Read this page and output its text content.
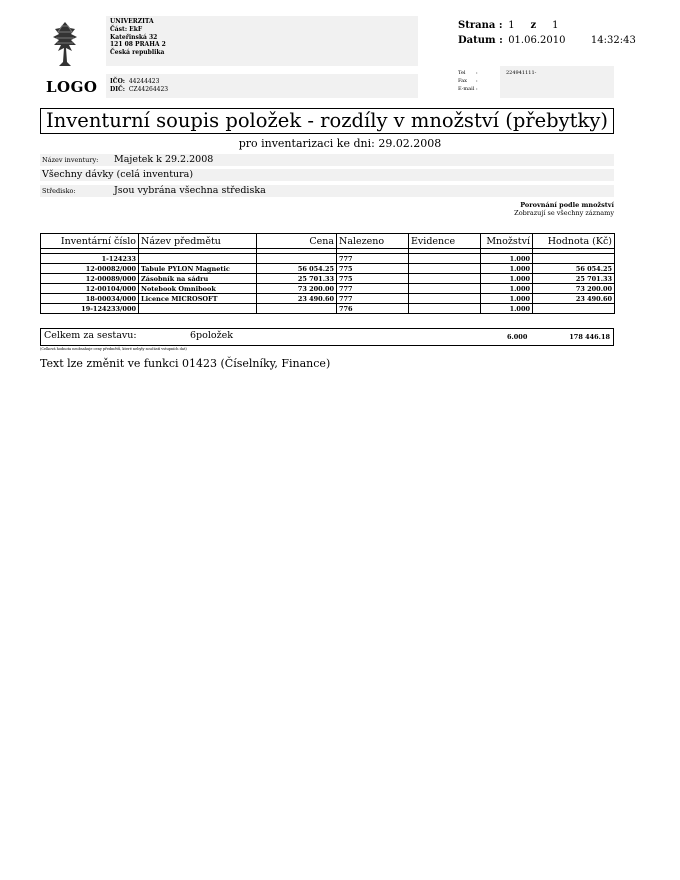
LOGO
UNIVERZITA
Část: EkF
Kateřinská 32
121 08 PRAHA 2
Česká republika
IČO: 44244423
DIČ: CZ44264423
Strana : 1 z 1
Datum : 01.06.2010	14:32:43
Tel :	224941111-
Fax :
E-mail :
Inventurní soupis položek - rozdíly v množství (přebytky)
pro inventarizaci ke dni: 29.02.2008
Název inventury: Majetek k 29.2.2008
Všechny dávky (celá inventura)
Středisko:	Jsou vybrána všechna střediska
Porovnání podle množství
Zobrazují se všechny záznamy
Inventární číslo	Název předmětu	Cena	Nalezeno	Evidence	Množství	Hodnota (Kč)

1-124233			777		1.000	
12-00082/000	Tabule PYLON Magnetic	56 054.25	775		1.000	56 054.25
12-00089/000	Zásobník na sádru	25 701.33	775		1.000	25 701.33
12-00104/000	Notebook Omnibook	73 200.00	777		1.000	73 200.00
18-00034/000	Licence MICROSOFT	23 490.60	777		1.000	23 490.60
19-124233/000			776		1.000	
Celkem za sestavu:	6položek	6.000	178 446.18
(Celková hodnota neobsahuje ceny předmětů, které nebyly součástí vstupních dat)
Text lze změnit ve funkci 01423 (Číselníky, Finance)
